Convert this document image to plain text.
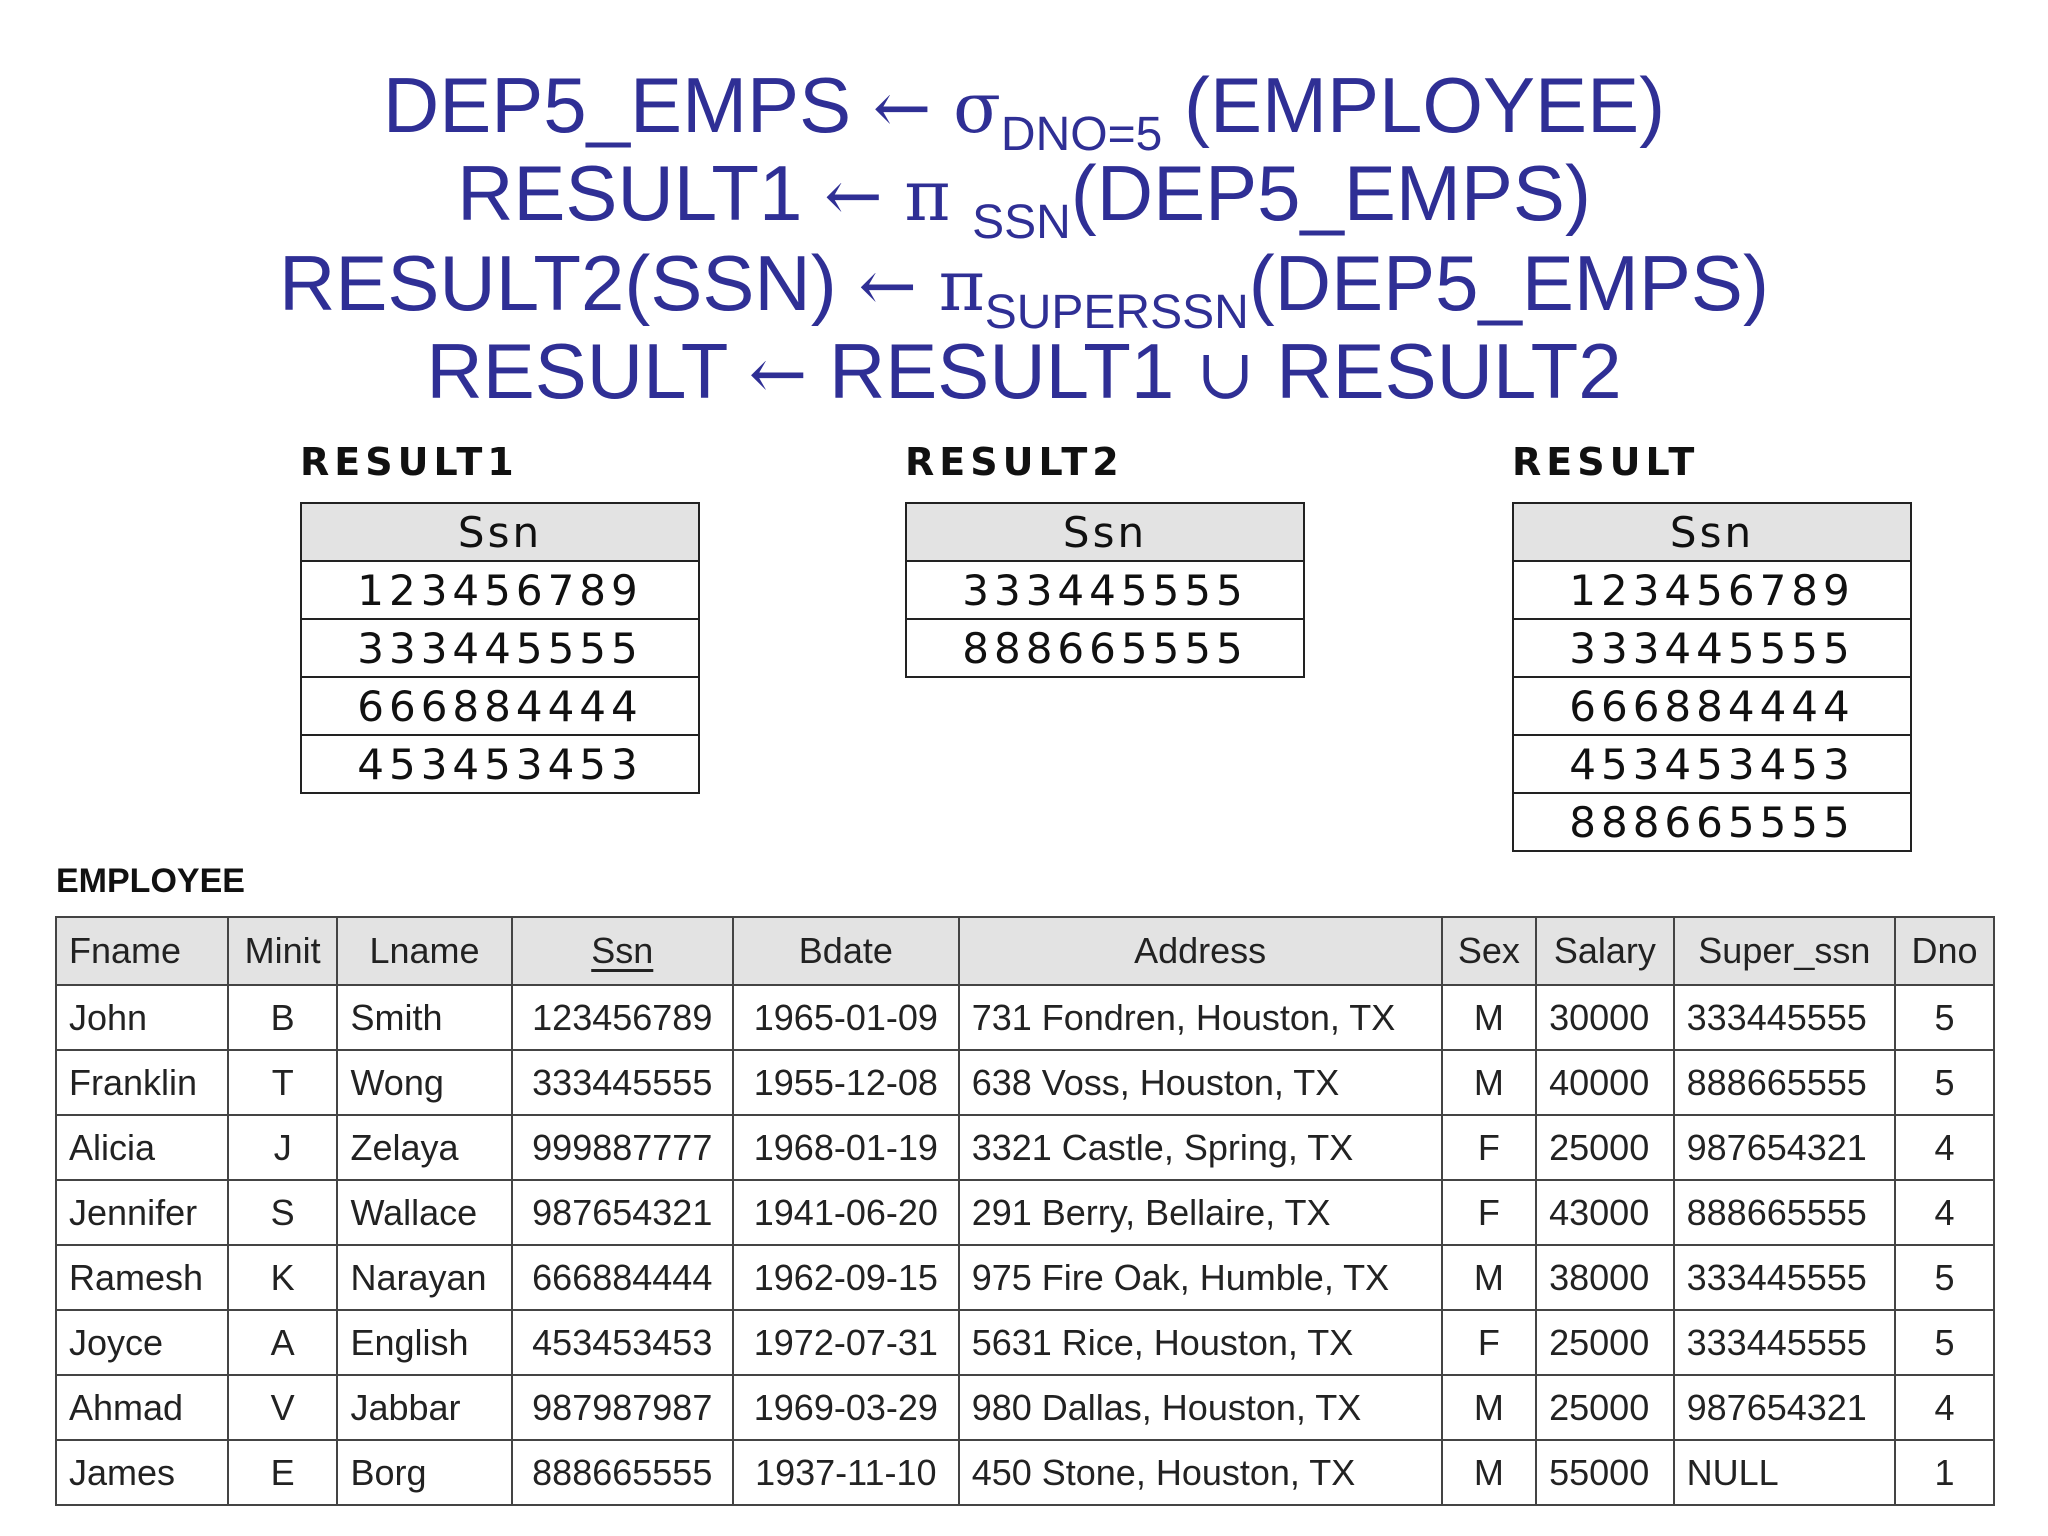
DEP5_EMPS ← $\sigma_{DNO=5}$ (EMPLOYEE)
RESULT1 ← π $_{SSN}$(DEP5_EMPS)
RESULT2(SSN) ← $\pi_{SUPERSSN}(DEP5\_EMPS)$
RESULT ← RESULT1 ∪ RESULT2
RESULT1
Ssn
123456789
333445555
666884444
453453453
RESULT2
Ssn
333445555
888665555
RESULT
Ssn
123456789
333445555
666884444
453453453
888665555
EMPLOYEE
Fname	Minit	Lname	Ssn	Bdate	Address	Sex	Salary	Super_ssn	Dno
John	B	Smith	123456789	1965-01-09	731 Fondren, Houston, TX	M	30000	333445555	5
Franklin	T	Wong	333445555	1955-12-08	638 Voss, Houston, TX	M	40000	888665555	5
Alicia	J	Zelaya	999887777	1968-01-19	3321 Castle, Spring, TX	F	25000	987654321	4
Jennifer	S	Wallace	987654321	1941-06-20	291 Berry, Bellaire, TX	F	43000	888665555	4
Ramesh	K	Narayan	666884444	1962-09-15	975 Fire Oak, Humble, TX	M	38000	333445555	5
Joyce	A	English	453453453	1972-07-31	5631 Rice, Houston, TX	F	25000	333445555	5
Ahmad	V	Jabbar	987987987	1969-03-29	980 Dallas, Houston, TX	M	25000	987654321	4
James	E	Borg	888665555	1937-11-10	450 Stone, Houston, TX	M	55000	NULL	1
